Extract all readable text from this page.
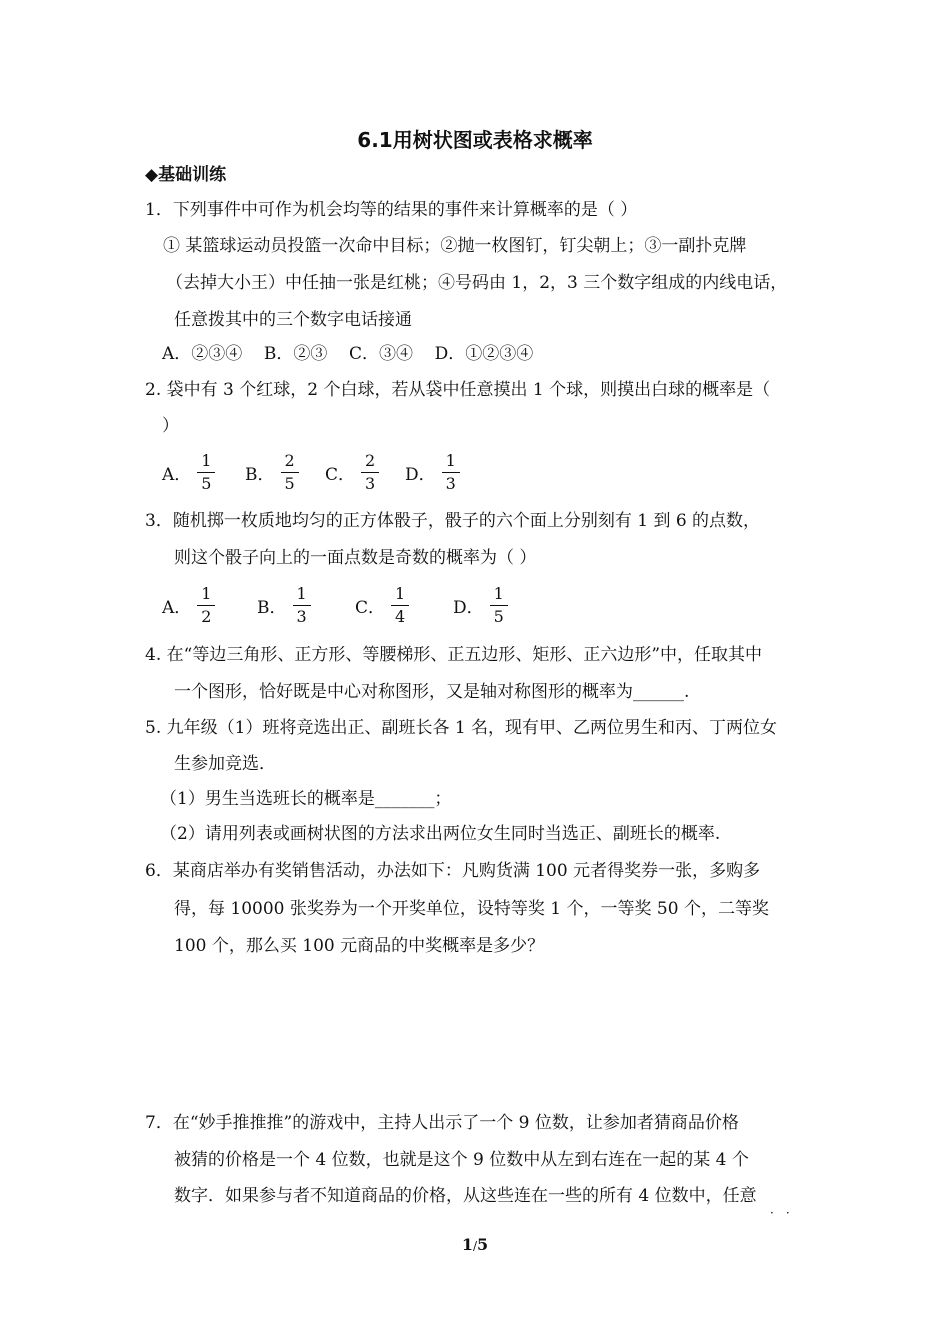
6.1用树状图或表格求概率
◆基础训练
1．下列事件中可作为机会均等的结果的事件来计算概率的是（ ）
① 某篮球运动员投篮一次命中目标；②抛一枚图钉，钉尖朝上；③一副扑克牌
（去掉大小王）中任抽一张是红桃；④号码由 1，2，3 三个数字组成的内线电话，
任意拨其中的三个数字电话接通
A．②③④    B．②③    C．③④    D．①②③④
2. 袋中有 3 个红球，2 个白球，若从袋中任意摸出 1 个球，则摸出白球的概率是（
）
A． $\frac{1}{5}$ B． $\frac{2}{5}$ C． $\frac{2}{3}$ D． $\frac{1}{3}$
3．随机掷一枚质地均匀的正方体骰子，骰子的六个面上分别刻有 1 到 6 的点数，
则这个骰子向上的一面点数是奇数的概率为（ ）
A． $\frac{1}{2}$ B． $\frac{1}{3}$	C． $\frac{1}{4}$	D． $\frac{1}{5}$
4. 在“等边三角形、正方形、等腰梯形、正五边形、矩形、正六边形”中，任取其中
一个图形，恰好既是中心对称图形，又是轴对称图形的概率为______.
5. 九年级（1）班将竞选出正、副班长各 1 名，现有甲、乙两位男生和丙、丁两位女
生参加竞选．
（1）男生当选班长的概率是_______；
（2）请用列表或画树状图的方法求出两位女生同时当选正、副班长的概率.
6．某商店举办有奖销售活动，办法如下：凡购货满 100 元者得奖券一张，多购多
得，每 10000 张奖券为一个开奖单位，设特等奖 1 个，一等奖 50 个，二等奖
100 个，那么买 100 元商品的中奖概率是多少？
7．在“妙手推推推”的游戏中，主持人出示了一个 9 位数，让参加者猜商品价格
被猜的价格是一个 4 位数，也就是这个 9 位数中从左到右连在一起的某 4 个
数字．如果参与者不知道商品的价格，从这些连在一些的所有 4 位数中，任意
··
1/5
